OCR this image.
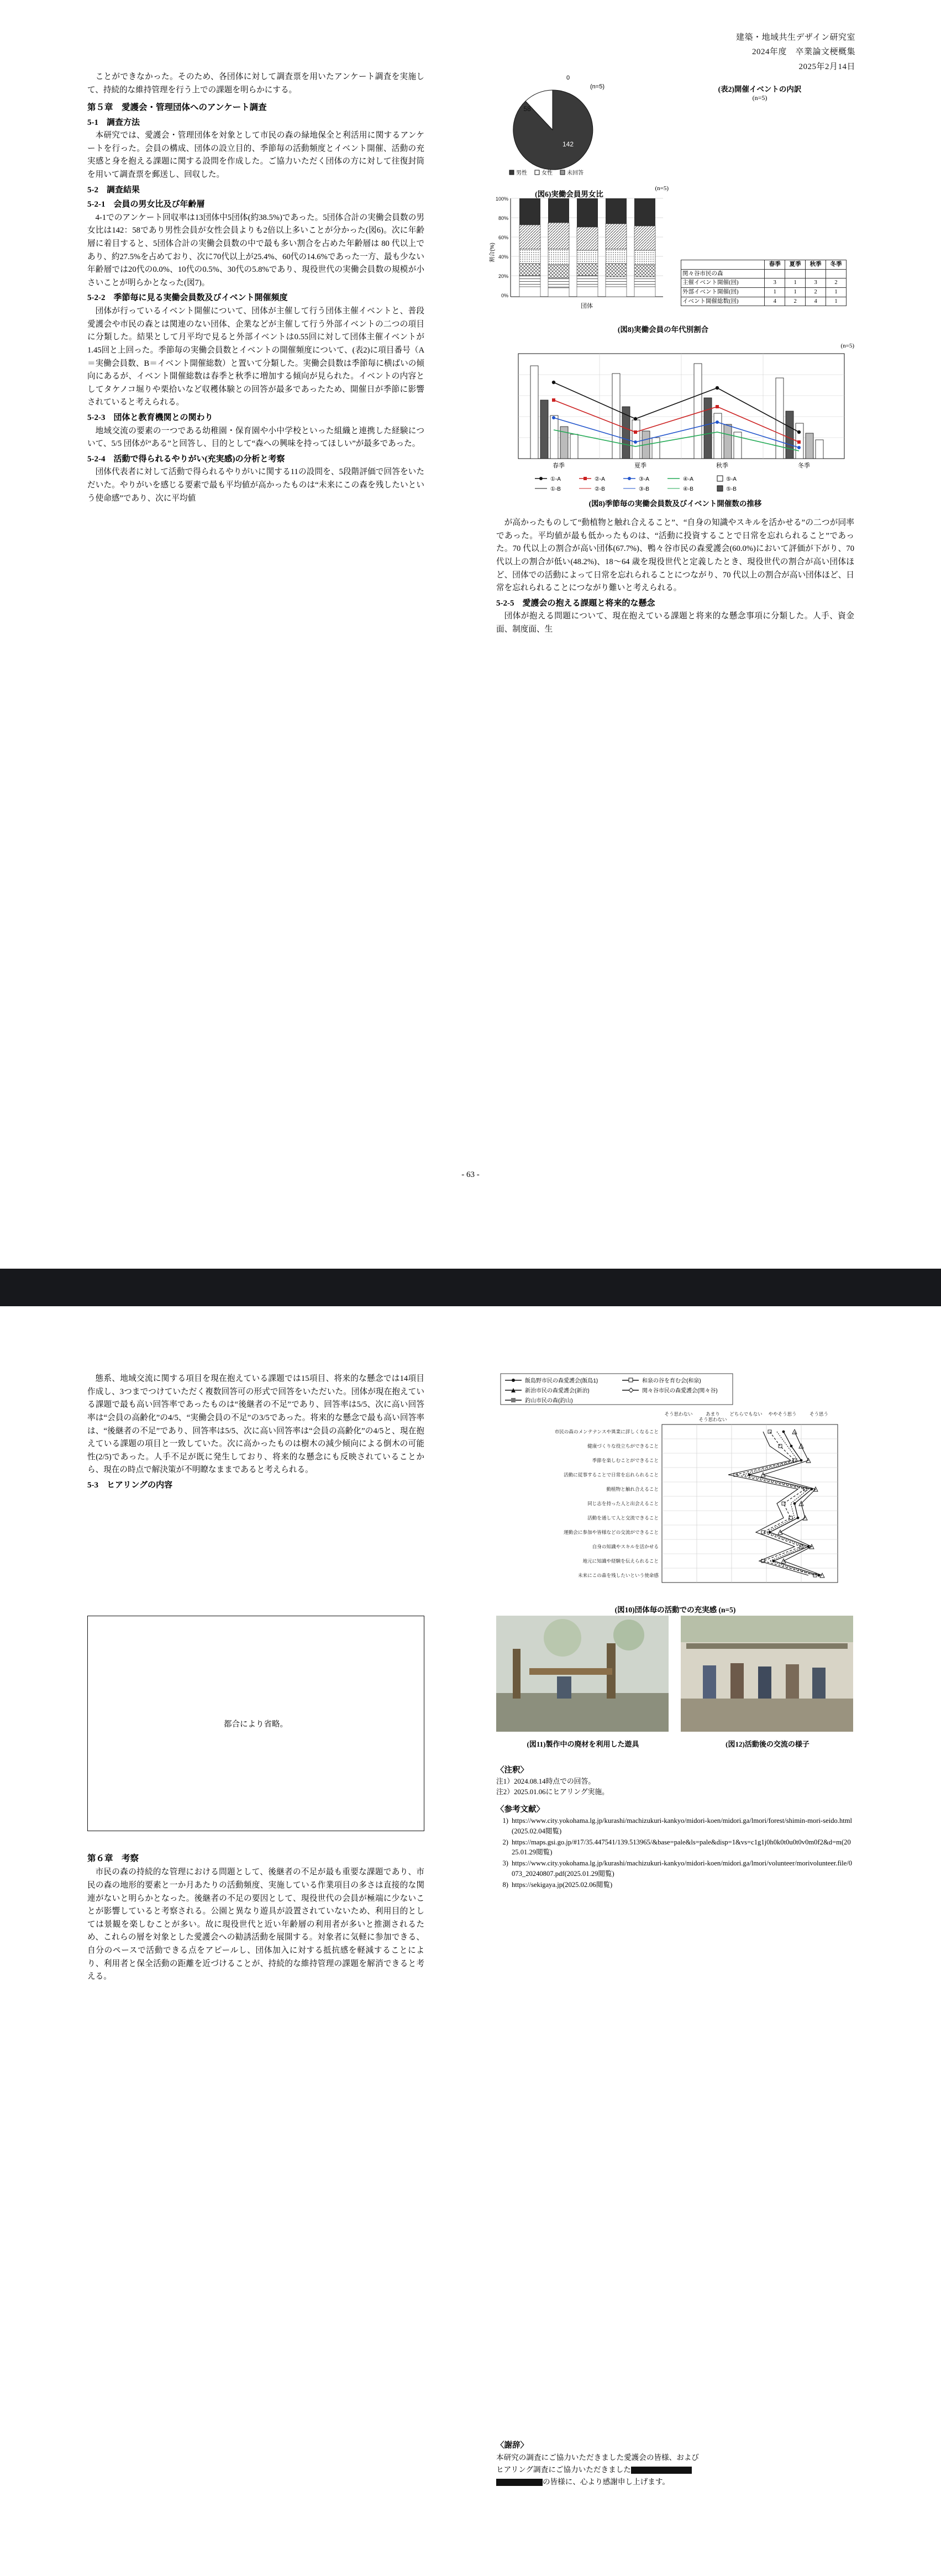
建築・地域共生デザイン研究室
2024年度　卒業論文梗概集
2025年2月14日

ことができなかった。そのため、各団体に対して調査票を用いたアンケート調査を実施して、持続的な維持管理を行う上での課題を明らかにする。

第５章　愛護会・管理団体へのアンケート調査
5-1　調査方法

本研究では、愛護会・管理団体を対象として市民の森の緑地保全と利活用に関するアンケートを行った。会員の構成、団体の設立目的、季節毎の活動頻度とイベント開催、活動の充実感と身を抱える課題に関する設問を作成した。ご協力いただく団体の方に対して往復封筒を用いて調査票を郵送し、回収した。

5-2　調査結果
5-2-1　会員の男女比及び年齢層

4-1でのアンケート回収率は13団体中5団体(約38.5%)であった。5団体合計の実働会員数の男女比は142：58であり男性会員が女性会員よりも2倍以上多いことが分かった(図6)。次に年齢層に着目すると、5団体合計の実働会員数の中で最も多い割合を占めた年齢層は 80 代以上であり、約27.5%を占めており、次に70代以上が25.4%、60代の14.6%であった一方、最も少ない年齢層では20代の0.0%、10代の0.5%、30代の5.8%であり、現役世代の実働会員数の規模が小さいことが明らかとなった(図7)。

5-2-2　季節毎に見る実働会員数及びイベント開催頻度

団体が行っているイベント開催について、団体が主催して行う団体主催イベントと、普段愛護会や市民の森とは関連のない団体、企業などが主催して行う外部イベントの二つの項目に分類した。結果として月平均で見ると外部イベントは0.55回に対して団体主催イベントが1.45回と上回った。季節毎の実働会員数とイベントの開催頻度について、(表2)に項目番号（A＝実働会員数、B＝イベント開催総数）と置いて分類した。実働会員数は季節毎に横ばいの傾向にあるが、イベント開催総数は春季と秋季に増加する傾向が見られた。イベントの内容としてタケノコ堀りや栗拾いなど収穫体験との回答が最多であったため、開催日が季節に影響されていると考えられる。

5-2-3　団体と教育機関との関わり

地域交流の要素の一つである幼稚園・保育園や小中学校といった組織と連携した経験について、5/5 団体が“ある”と回答し、目的として“森への興味を持ってほしい”が最多であった。

5-2-4　活動で得られるやりがい(充実感)の分析と考察

団体代表者に対して活動で得られるやりがいに関する11の設問を、5段階評価で回答をいただいた。やりがいを感じる要素で最も平均値が高かったものは“未来にこの森を残したいという使命感”であり、次に平均値

0
(n=5)
142
58
男性	女性	未回答
(図6)実働会員男女比
(表2)開催イベントの内訳
(n=5)
(n=5)
100%
80%
60%
40%
20%
0%
団体
割合(%)
	春季	夏季	秋季	冬季
関々谷市民の森				
主催イベント開催(回)	3	1	3	2
外部イベント開催(回)	1	1	2	1
イベント開催総数(回)	4	2	4	1
(図8)実働会員の年代別割合
(n=5)
春季	夏季	秋季	冬季
①-A	②-A	③-A	④-A	⑤-A
①-B	②-B	③-B	④-B	⑤-B
(図8)季節毎の実働会員数及びイベント開催数の推移

が高かったものして“動植物と触れ合えること”、“自身の知識やスキルを活かせる”の二つが同率であった。平均値が最も低かったものは、“活動に投資することで日常を忘れられること”であった。70 代以上の割合が高い団体(67.7%)、鴨々谷市民の森愛護会(60.0%)において評価が下がり、70 代以上の割合が低い(48.2%)、18～64 歳を現役世代と定義したとき、現役世代の割合が高い団体ほど、団体での活動によって日常を忘れられることにつながり、70 代以上の割合が高い団体ほど、日常を忘れられることにつながり難いと考えられる。

5-2-5　愛護会の抱える課題と将来的な懸念

団体が抱える問題について、現在抱えている課題と将来的な懸念事項に分類した。人手、資金面、制度面、生

- 63 -

態系、地域交流に関する項目を現在抱えている課題では15項目、将来的な懸念では14項目作成し、3つまでつけていただく複数回答可の形式で回答をいただいた。団体が現在抱えている課題で最も高い回答率であったものは“後継者の不足”であり、回答率は5/5、次に高い回答率は“会員の高齢化”の4/5、“実働会員の不足”の3/5であった。将来的な懸念で最も高い回答率は、“後継者の不足”であり、回答率は5/5、次に高い回答率は“会員の高齢化”の4/5と、現在抱えている課題の項目と一致していた。次に高かったものは樹木の減少傾向による倒木の可能性(2/5)であった。人手不足が既に発生しており、将来的な懸念にも反映されていることから、現在の時点で解決策が不明瞭なままであると考えられる。

5-3　ヒアリングの内容
都合により省略。
第６章　考察

市民の森の持続的な管理における問題として、後継者の不足が最も重要な課題であり、市民の森の地形的要素と一か月あたりの活動頻度、実施している作業項目の多さは直接的な関連がないと明らかとなった。後継者の不足の要因として、現役世代の会員が極端に少ないことが影響していると考察される。公園と異なり遊具が設置されていないため、利用目的としては景観を楽しむことが多い。故に現役世代と近い年齢層の利用者が多いと推測されるため、これらの層を対象とした愛護会への勧誘活動を展開する。対象者に気軽に参加できる、自分のペースで活動できる点をアピールし、団体加入に対する抵抗感を軽減することにより、利用者と保全活動の距離を近づけることが、持続的な維持管理の課題を解消できると考える。

飯島野市民の森愛護会(飯島1)	和泉の谷を育む会(和泉)
新治市民の森愛護会(新治)	関々谷市民の森愛護会(関々谷)
釣山市民の森(釣山)
そう思わない	あまり
そう思わない
どちらでもない ややそう思う	そう思う
市民の森のメンテナンスや異業に詳しくなること
健康づくりな役立ちができること
季節を楽しむことができること
活動に従事することで日常を忘れられること
動植物と触れ合えること
同じ志を持った人と出会えること
活動を通して人と交流できること
運動会に参加や皆様などの交流ができること
自身の知識やスキルを活かせる
地元に知識や経験を伝えられること
未来にこの森を残したいという使命感
(図10)団体毎の活動での充実感 (n=5)
(図11)製作中の廃材を利用した遊具	(図12)活動後の交流の様子
〈注釈〉
注1）2024.08.14時点での回答。
注2）2025.01.06にヒアリング実施。
〈参考文献〉
1) https://www.city.yokohama.lg.jp/kurashi/machizukuri-kankyo/midori-koen/midori.ga/lmori/forest/shimin-mori-seido.html (2025.02.04閲覧)
2) https://maps.gsi.go.jp/#17/35.447541/139.513965/&base=pale&ls=pale&disp=1&vs=c1g1j0h0k0t0u0t0v0m0f2&d=m(2025.01.29閲覧)
3) https://www.city.yokohama.lg.jp/kurashi/machizukuri-kankyo/midori-koen/midori.ga/lmori/volunteer/morivolunteer.file/0073_20240807.pdf(2025.01.29閲覧)
8) https://sekigaya.jp(2025.02.06閲覧)
〈謝辞〉
本研究の調査にご協力いただきました愛護会の皆様、および
ヒアリング調査にご協力いただきました
の皆様に、心より感謝申し上げます。
